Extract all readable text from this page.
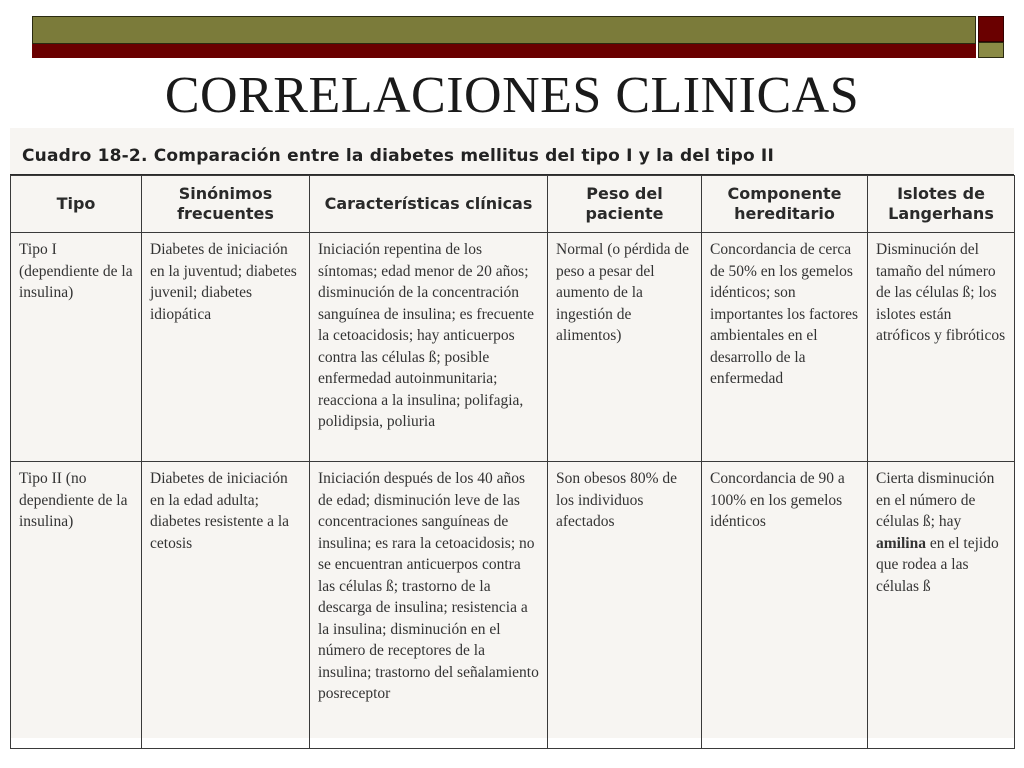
CORRELACIONES CLINICAS
Cuadro 18-2. Comparación entre la diabetes mellitus del tipo I y la del tipo II
Tipo	Sinónimos frecuentes	Características clínicas	Peso del paciente	Componente hereditario	Islotes de Langerhans
Tipo I (dependiente de la insulina)	Diabetes de iniciación en la juventud; diabetes juvenil; diabetes idiopática	Iniciación repentina de los síntomas; edad menor de 20 años; disminución de la concentración sanguínea de insulina; es frecuente la cetoacidosis; hay anticuerpos contra las células ß; posible enfermedad autoinmunitaria; reacciona a la insulina; polifagia, polidipsia, poliuria	Normal (o pérdida de peso a pesar del aumento de la ingestión de alimentos)	Concordancia de cerca de 50% en los gemelos idénticos; son importantes los factores ambientales en el desarrollo de la enfermedad	Disminución del tamaño del número de las células ß; los islotes están atróficos y fibróticos
Tipo II (no dependiente de la insulina)	Diabetes de iniciación en la edad adulta; diabetes resistente a la cetosis	Iniciación después de los 40 años de edad; disminución leve de las concentraciones sanguíneas de insulina; es rara la cetoacidosis; no se encuentran anticuerpos contra las células ß; trastorno de la descarga de insulina; resistencia a la insulina; disminución en el número de receptores de la insulina; trastorno del señalamiento posreceptor	Son obesos 80% de los individuos afectados	Concordancia de 90 a 100% en los gemelos idénticos	Cierta disminución en el número de células ß; hay amilina en el tejido que rodea a las células ß
